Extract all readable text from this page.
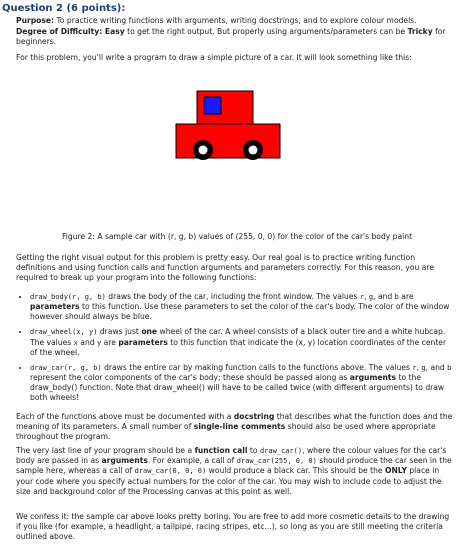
Question 2 (6 points):

Purpose: To practice writing functions with arguments, writing docstrings, and to explore colour models.

Degree of Difficulty: Easy to get the right output. But properly using arguments/parameters can be Tricky for beginners.

For this problem, you'll write a program to draw a simple picture of a car. It will look something like this:

Figure 2: A sample car with (r, g, b) values of (255, 0, 0) for the color of the car's body paint

Getting the right visual output for this problem is pretty easy. Our real goal is to practice writing function definitions and using function calls and function arguments and parameters correctly. For this reason, you are required to break up your program into the following functions:

• draw_body(r, g, b) draws the body of the car, including the front window. The values r, g, and b are parameters to this function. Use these parameters to set the color of the car's body. The color of the window however should always be blue.
• draw_wheel(x, y) draws just one wheel of the car. A wheel consists of a black outer tire and a white hubcap. The values x and y are parameters to this function that indicate the (x, y) location coordinates of the center of the wheel.
• draw_car(r, g, b) draws the entire car by making function calls to the functions above. The values r, g, and b represent the color components of the car's body; these should be passed along as arguments to the draw_body() function. Note that draw_wheel() will have to be called twice (with different arguments) to draw both wheels!

Each of the functions above must be documented with a docstring that describes what the function does and the meaning of its parameters. A small number of single-line comments should also be used where appropriate throughout the program.

The very last line of your program should be a function call to draw_car(), where the colour values for the car's body are passed in as arguments. For example, a call of draw_car(255, 0, 0) should produce the car seen in the sample here, whereas a call of draw_car(0, 0, 0) would produce a black car. This should be the ONLY place in your code where you specify actual numbers for the color of the car. You may wish to include code to adjust the size and background color of the Processing canvas at this point as well.

We confess it: the sample car above looks pretty boring. You are free to add more cosmetic details to the drawing if you like (for example, a headlight, a tailpipe, racing stripes, etc...), so long as you are still meeting the criteria outlined above.
